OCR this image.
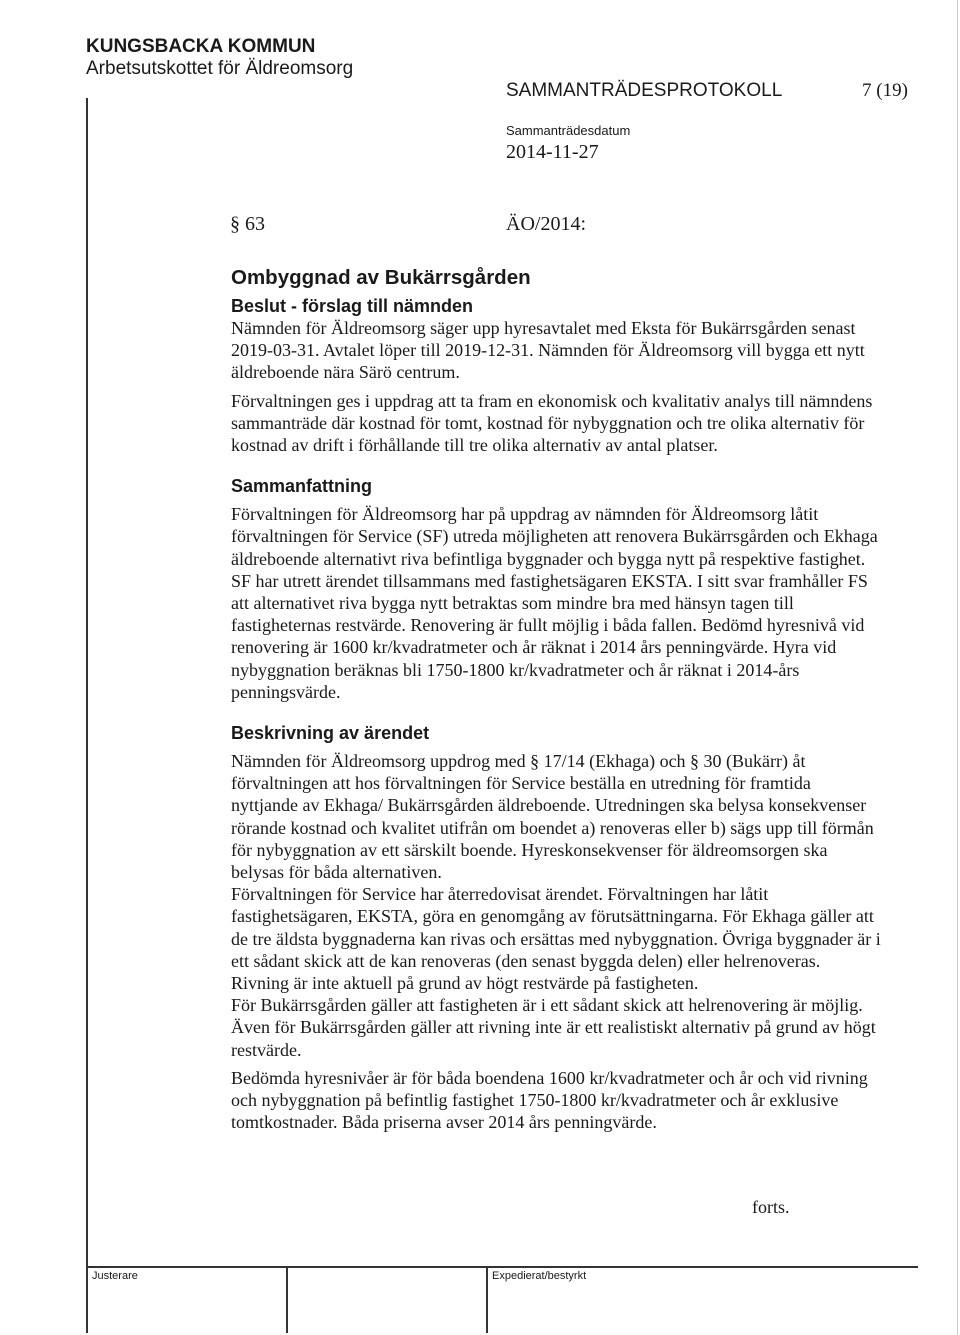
KUNGSBACKA KOMMUN
Arbetsutskottet för Äldreomsorg
SAMMANTRÄDESPROTOKOLL	7 (19)
Sammanträdesdatum
2014-11-27
§ 63	ÄO/2014:
Ombyggnad av Bukärrsgården
Beslut - förslag till nämnden

Nämnden för Äldreomsorg säger upp hyresavtalet med Eksta för Bukärrsgården senast 2019-03-31. Avtalet löper till 2019-12-31. Nämnden för Äldreomsorg vill bygga ett nytt äldreboende nära Särö centrum.

Förvaltningen ges i uppdrag att ta fram en ekonomisk och kvalitativ analys till nämndens sammanträde där kostnad för tomt, kostnad för nybyggnation och tre olika alternativ för kostnad av drift i förhållande till tre olika alternativ av antal platser.

Sammanfattning

Förvaltningen för Äldreomsorg har på uppdrag av nämnden för Äldreomsorg låtit förvaltningen för Service (SF) utreda möjligheten att renovera Bukärrsgården och Ekhaga äldreboende alternativt riva befintliga byggnader och bygga nytt på respektive fastighet.

SF har utrett ärendet tillsammans med fastighetsägaren EKSTA. I sitt svar framhåller FS att alternativet riva bygga nytt betraktas som mindre bra med hänsyn tagen till fastigheternas restvärde. Renovering är fullt möjlig i båda fallen. Bedömd hyresnivå vid renovering är 1600 kr/kvadratmeter och år räknat i 2014 års penningvärde. Hyra vid nybyggnation beräknas bli 1750-1800 kr/kvadratmeter och år räknat i 2014-års penningsvärde.

Beskrivning av ärendet

Nämnden för Äldreomsorg uppdrog med § 17/14 (Ekhaga) och § 30 (Bukärr) åt förvaltningen att hos förvaltningen för Service beställa en utredning för framtida nyttjande av Ekhaga/ Bukärrsgården äldreboende. Utredningen ska belysa konsekvenser rörande kostnad och kvalitet utifrån om boendet a) renoveras eller b) sägs upp till förmån för nybyggnation av ett särskilt boende. Hyreskonsekvenser för äldreomsorgen ska belysas för båda alternativen.

Förvaltningen för Service har återredovisat ärendet. Förvaltningen har låtit fastighetsägaren, EKSTA, göra en genomgång av förutsättningarna. För Ekhaga gäller att de tre äldsta byggnaderna kan rivas och ersättas med nybyggnation. Övriga byggnader är i ett sådant skick att de kan renoveras (den senast byggda delen) eller helrenoveras. Rivning är inte aktuell på grund av högt restvärde på fastigheten.

För Bukärrsgården gäller att fastigheten är i ett sådant skick att helrenovering är möjlig. Även för Bukärrsgården gäller att rivning inte är ett realistiskt alternativ på grund av högt restvärde.

Bedömda hyresnivåer är för båda boendena 1600 kr/kvadratmeter och år och vid rivning och nybyggnation på befintlig fastighet 1750-1800 kr/kvadratmeter och år exklusive tomtkostnader. Båda priserna avser 2014 års penningvärde.

forts.
Justerare	Expedierat/bestyrkt
